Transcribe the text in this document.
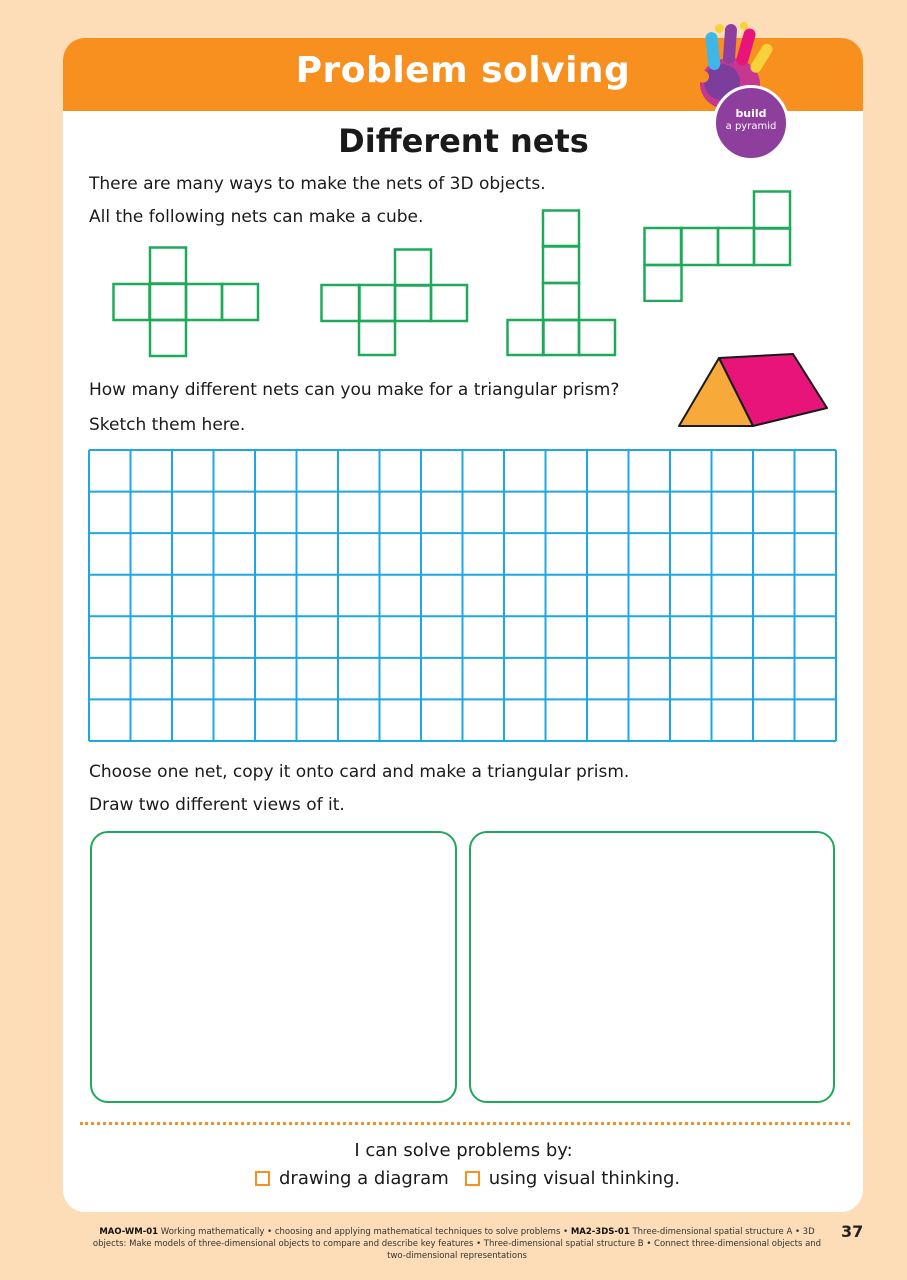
Problem solving
build
a pyramid
Different nets
There are many ways to make the nets of 3D objects.
All the following nets can make a cube.
How many different nets can you make for a triangular prism?
Sketch them here.
Choose one net, copy it onto card and make a triangular prism.
Draw two different views of it.
I can solve problems by:
drawing a diagram using visual thinking.
MAO-WM-01 Working mathematically • choosing and applying mathematical techniques to solve problems • MA2-3DS-01 Three-dimensional spatial structure A • 3D objects: Make models of three-dimensional objects to compare and describe key features • Three-dimensional spatial structure B • Connect three-dimensional objects and two-dimensional representations
37
